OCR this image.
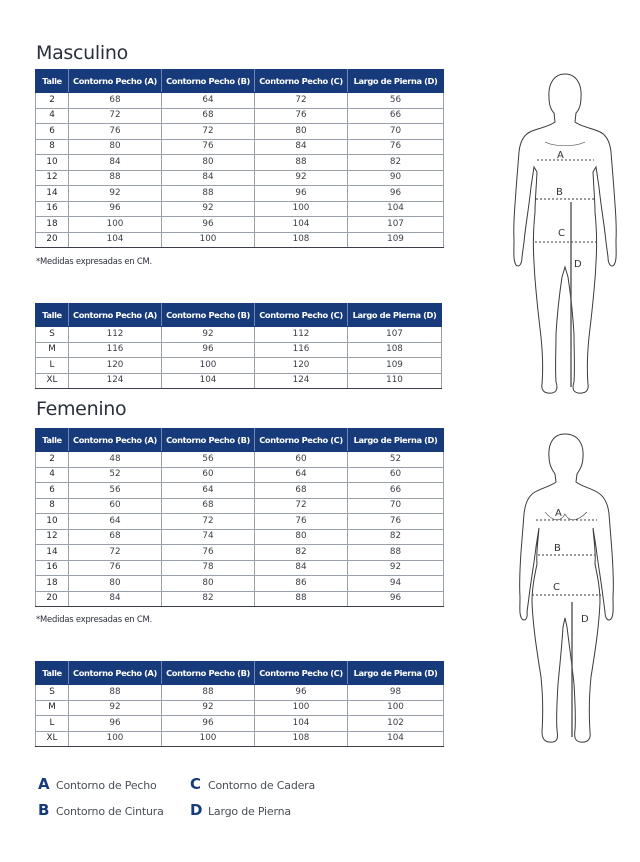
Masculino
Talle	Contorno Pecho (A)	Contorno Pecho (B)	Contorno Pecho (C)	Largo de Pierna (D)
2	68	64	72	56
4	72	68	76	66
6	76	72	80	70
8	80	76	84	76
10	84	80	88	82
12	88	84	92	90
14	92	88	96	96
16	96	92	100	104
18	100	96	104	107
20	104	100	108	109
*Medidas expresadas en CM.
Talle	Contorno Pecho (A)	Contorno Pecho (B)	Contorno Pecho (C)	Largo de Pierna (D)
S	112	92	112	107
M	116	96	116	108
L	120	100	120	109
XL	124	104	124	110
A
B
C
D
Femenino
Talle	Contorno Pecho (A)	Contorno Pecho (B)	Contorno Pecho (C)	Largo de Pierna (D)
2	48	56	60	52
4	52	60	64	60
6	56	64	68	66
8	60	68	72	70
10	64	72	76	76
12	68	74	80	82
14	72	76	82	88
16	76	78	84	92
18	80	80	86	94
20	84	82	88	96
*Medidas expresadas en CM.
Talle	Contorno Pecho (A)	Contorno Pecho (B)	Contorno Pecho (C)	Largo de Pierna (D)
S	88	88	96	98
M	92	92	100	100
L	96	96	104	102
XL	100	100	108	104
A
B
C
D
A Contorno de Pecho C Contorno de Cadera
B Contorno de Cintura D Largo de Pierna
